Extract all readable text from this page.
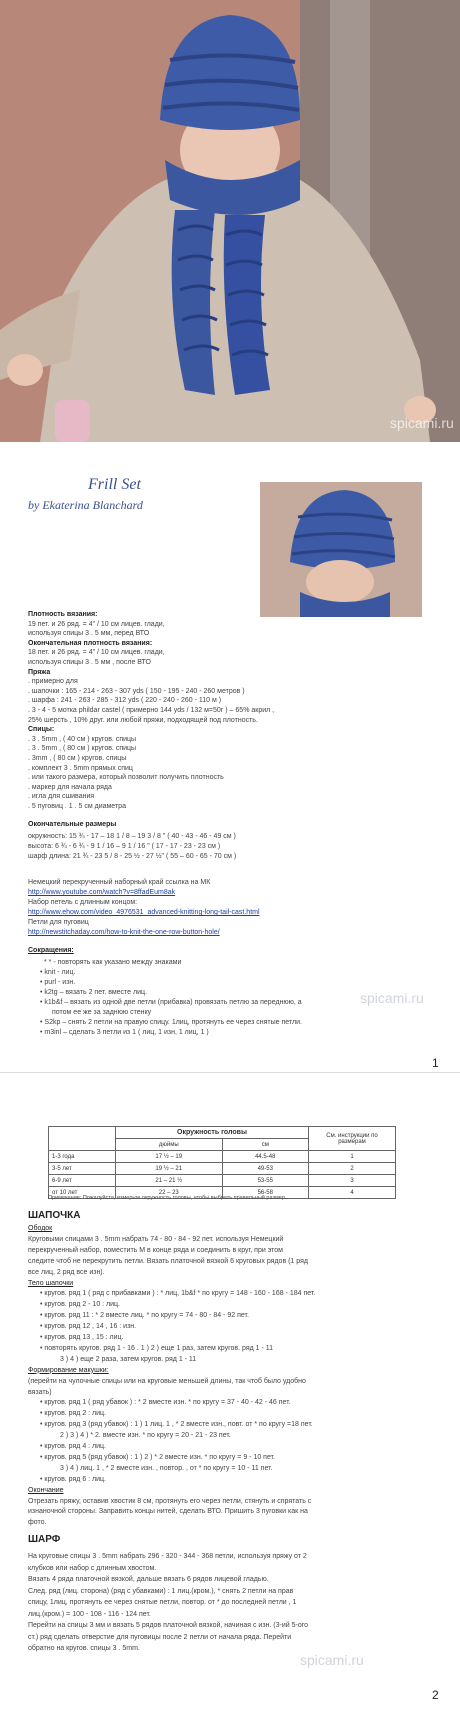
spicami.ru
Frill Set
by Ekaterina Blanchard
Плотность вязания:
19 пет. и 26 ряд. = 4" / 10 см лицев. глади,
используя спицы 3 . 5 мм, перед ВТО
Окончательная плотность вязания:
18 пет. и 26 ряд. = 4" / 10 см лицев. глади,
используя спицы 3 . 5 мм , после ВТО
Пряжа
. примерно для
. шапочки : 165 - 214 - 263 - 307 yds ( 150 - 195 - 240 - 260 метров )
. шарфа : 241 - 263 - 285 - 312 yds ( 220 - 240 - 260 - 110 м )
. 3 - 4 - 5 мотка phildar castel ( примерно 144 yds / 132 м=50г ) – 65% акрил ,
25% шерсть , 10% друг. или любой пряжи, подходящей под плотность.
Спицы:
. 3 . 5mm , ( 40 см ) кругов. спицы
. 3 . 5mm , ( 80 см ) кругов. спицы
. 3mm , ( 80 см ) кругов. спицы
. комплект 3 . 5mm прямых спиц
. или такого размера, который позволит получить плотность
. маркер для начала ряда
. игла для сшивания
. 5 пуговиц . 1 . 5 см диаметра
Окончательные размеры
окружность: 15 ¾ - 17 – 18 1 / 8 – 19 3 / 8 " ( 40 - 43 - 46 - 49 см )
высота: 6 ¾ - 6 ¾ - 9 1 / 16 – 9 1 / 16 " ( 17 - 17 - 23 - 23 см )
шарф длина: 21 ¾ - 23 5 / 8 - 25 ½ - 27 ½" ( 55 – 60 - 65 - 70 см )
Немецкий перекрученный наборный край ссылка на МК
http://www.youtube.com/watch?v=8ffadEum8ak
Набор петель с длинным концом:
http://www.ehow.com/video_4976531_advanced-knitting-long-tail-cast.html
Петли для пуговиц
http://newstitchaday.com/how-to-knit-the-one-row-button-hole/
Сокращения:
* * - повторять как указано между знаками
• knit - лиц.
• purl - изн.
• k2tg – вязать 2 пет. вместе лиц.
• k1b&f – вязать из одной две петли (прибавка) провязать петлю за переднюю, а
потом ее же за заднюю стенку
• S2kp – снять 2 петли на правую спицу. 1лиц, протянуть ее через снятые петли.
• m3inl – сделать 3 петли из 1 ( лиц, 1 изн, 1 лиц, 1 )
spicami.ru
1
	Окружность головы		См. инструкции по размерам
	дюймы	см	
1-3 года	17 ½ – 19	44.5-48	1
3-5 лет	19 ½ – 21	49-53	2
6-9 лет	21 – 21 ½	53-55	3
от 10 лет	22 – 23	56-58	4
Примечание: Пожалуйста, измерьте окружность головы, чтобы выбрать правильный размер.
ШАПОЧКА
Ободок
Круговыми спицами 3 . 5mm набрать 74 - 80 - 84 - 92 пет. используя Немецкий
перекрученный набор, поместить М в конце ряда и соединить в круг, при этом
следите чтоб не перекрутить петли. Вязать платочной вязкой 6 круговых рядов (1 ряд
все лиц, 2 ряд все изн).
Тело шапочки
• кругов. ряд 1 ( ряд с прибавками ) : * лиц, 1b&f * по кругу = 148 - 160 - 168 - 184 пет.
• кругов. ряд 2 - 10 : лиц.
• кругов. ряд 11 : * 2 вместе лиц. * по кругу = 74 - 80 - 84 - 92 пет.
• кругов. ряд 12 , 14 , 16 : изн.
• кругов. ряд 13 , 15 : лиц.
• повторять кругов. ряд 1 - 16 . 1 ) 2 ) еще 1 раз, затем кругов. ряд 1 - 11
3 ) 4 ) еще 2 раза, затем кругов. ряд 1 - 11
Формирование макушки:
(перейти на чулочные спицы или на круговые меньшей длины, так чтоб было удобно
вязать)
• кругов. ряд 1 ( ряд убавок ) : * 2 вместе изн. * по кругу = 37 - 40 - 42 - 46 пет.
• кругов. ряд 2 : лиц.
• кругов. ряд 3 (ряд убавок) : 1 ) 1 лиц. 1 , * 2 вместе изн., повт. от * по кругу =18 пет.
2 ) 3 ) 4 ) * 2. вместе изн. * по кругу = 20 - 21 - 23 пет.
• кругов. ряд 4 : лиц.
• кругов. ряд 5 (ряд убавок) : 1 ) 2 ) * 2 вместе изн. * по кругу = 9 - 10 пет.
3 ) 4 ) лиц. 1 , * 2 вместе изн. , повтор. , от * по кругу = 10 - 11 пет.
• кругов. ряд 6 : лиц.
Окончание
Отрезать пряжу, оставив хвостик 8 см, протянуть его через петли, стянуть и спрятать с
изнаночной стороны. Заправить концы нитей, сделать ВТО. Пришить 3 пуговки как на
фото.
ШАРФ
На круговые спицы 3 . 5mm набрать 296 - 320 - 344 - 368 петли, используя пряжу от 2
клубков или набор с длинным хвостом.
Вязать 4 ряда платочной вязкой, дальше вязать 6 рядов лицевой гладью.
След. ряд (лиц. сторона) (ряд с убавками) : 1 лиц.(кром.), * снять 2 петли на прав
спицу, 1лиц, протянуть ее через снятые петли, повтор. от * до последней петли , 1
лиц.(кром.) = 100 - 108 - 116 - 124 пет.
Перейти на спицы 3 мм и вязать 5 рядов платочной вязкой, начиная с изн. (3-ий 5-ого
ст.) ряд сделать отверстие для пуговицы после 2 петли от начала ряда. Перейти
обратно на кругов. спицы 3 . 5mm.
spicami.ru
2
